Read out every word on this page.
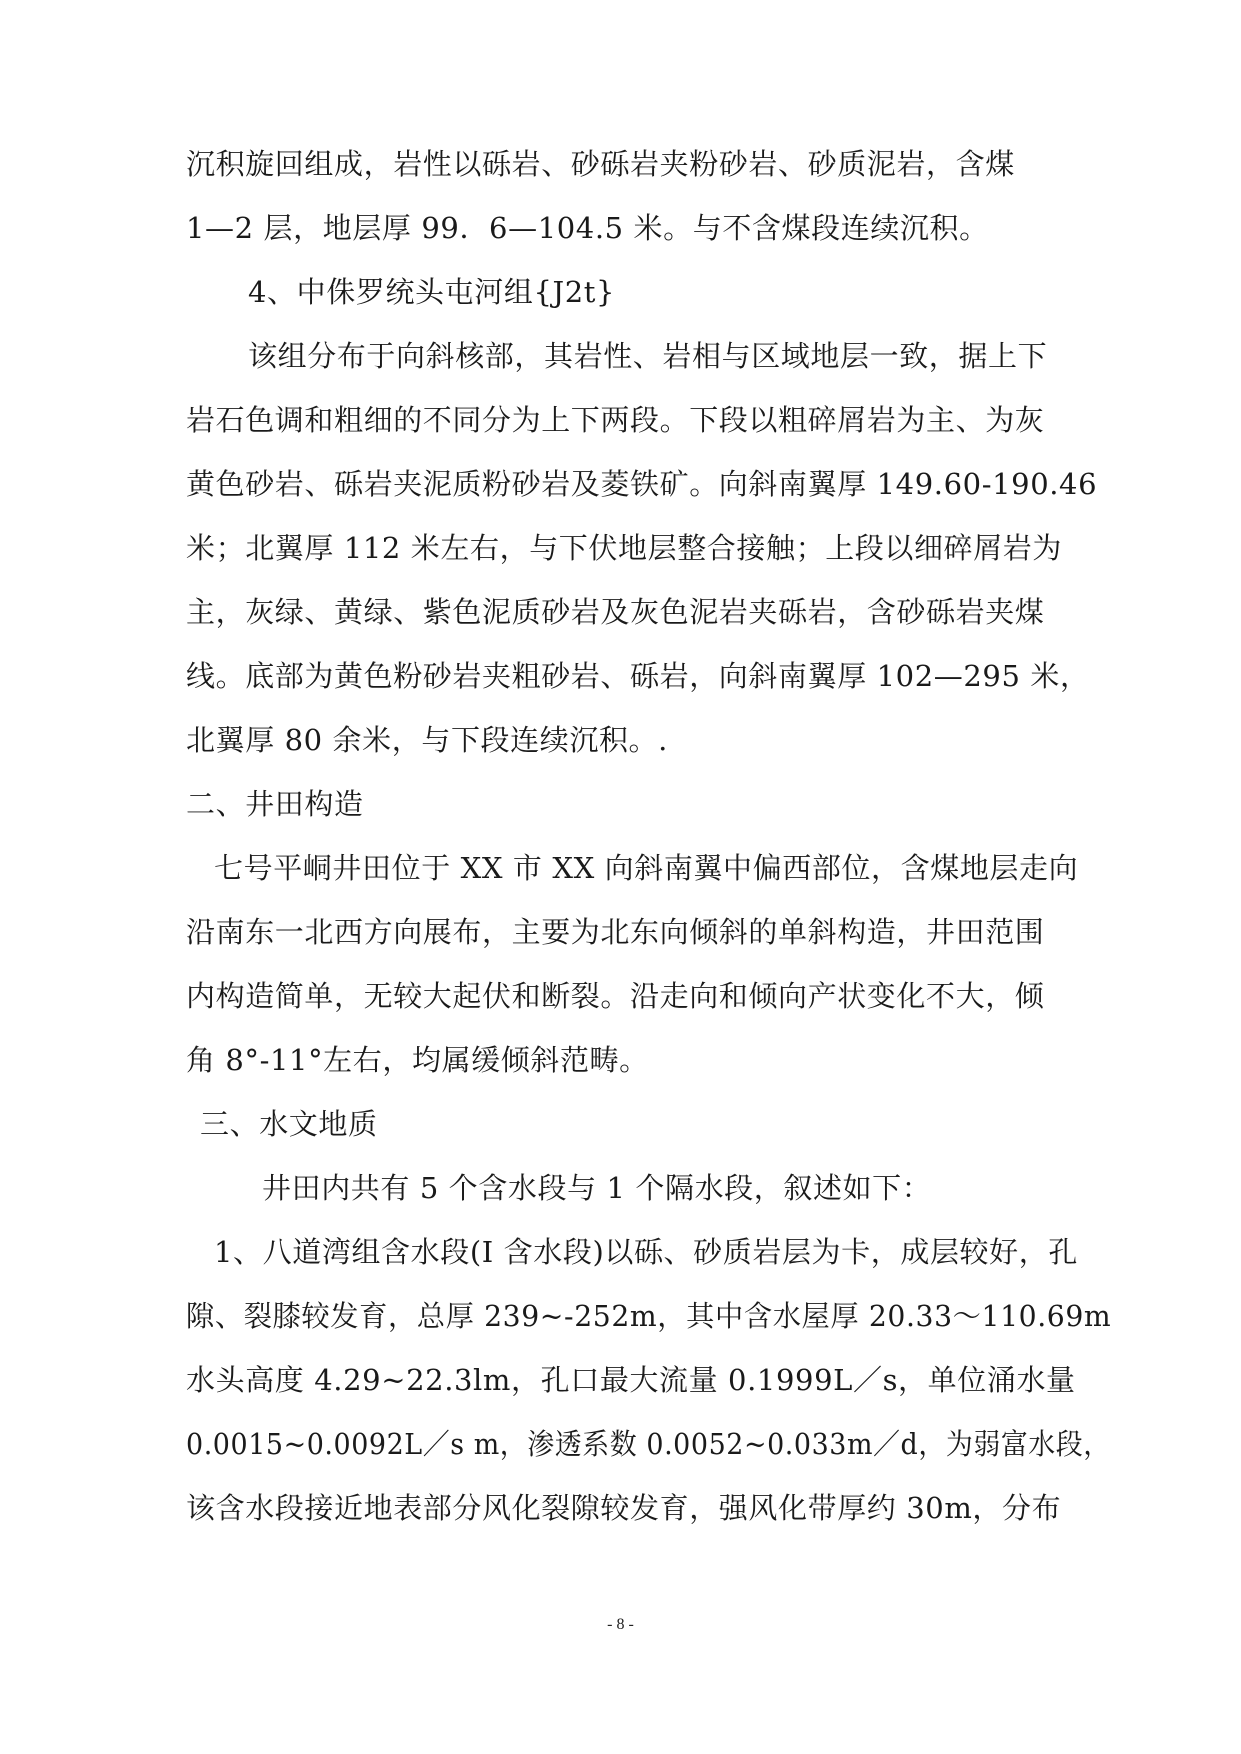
沉积旋回组成，岩性以砾岩、砂砾岩夹粉砂岩、砂质泥岩，含煤
1—2 层，地层厚 99．6—104.5 米。与不含煤段连续沉积。
4、中侏罗统头屯河组{J2t}
该组分布于向斜核部，其岩性、岩相与区域地层一致，据上下
岩石色调和粗细的不同分为上下两段。下段以粗碎屑岩为主、为灰
黄色砂岩、砾岩夹泥质粉砂岩及菱铁矿。向斜南翼厚 149.60-190.46
米；北翼厚 112 米左右，与下伏地层整合接触；上段以细碎屑岩为
主，灰绿、黄绿、紫色泥质砂岩及灰色泥岩夹砾岩，含砂砾岩夹煤
线。底部为黄色粉砂岩夹粗砂岩、砾岩，向斜南翼厚 102—295 米，
北翼厚 80 余米，与下段连续沉积。.
二、井田构造
七号平峒井田位于 XX 市 XX 向斜南翼中偏西部位，含煤地层走向
沿南东一北西方向展布，主要为北东向倾斜的单斜构造，井田范围
内构造简单，无较大起伏和断裂。沿走向和倾向产状变化不大，倾
角 8°-11°左右，均属缓倾斜范畴。
三、水文地质
井田内共有 5 个含水段与 1 个隔水段，叙述如下：
1、八道湾组含水段(I 含水段)以砾、砂质岩层为卡，成层较好，孔
隙、裂膝较发育，总厚 239~-252m，其中含水屋厚 20.33～110.69m
水头高度 4.29~22.3lm，孔口最大流量 0.1999L／s，单位涌水量
0.0015~0.0092L／s m，渗透系数 0.0052~0.033m／d，为弱富水段，
该含水段接近地表部分风化裂隙较发育，强风化带厚约 30m，分布
- 8 -
